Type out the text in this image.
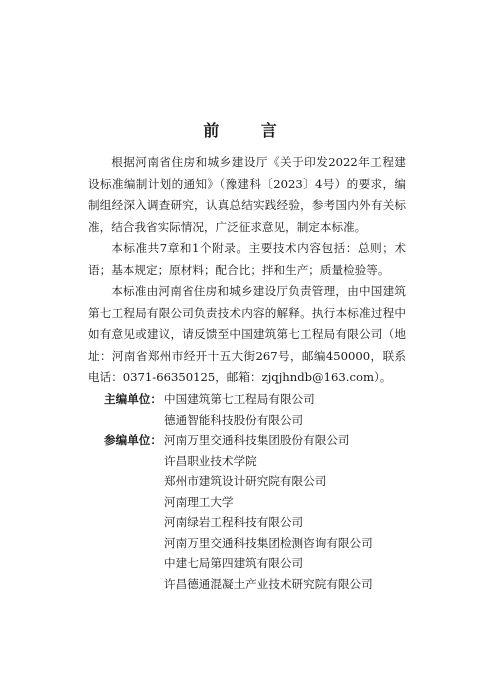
前 言

根据河南省住房和城乡建设厅《关于印发2022年工程建设标准编制计划的通知》（豫建科〔2023〕4号）的要求，编制组经深入调查研究，认真总结实践经验，参考国内外有关标准，结合我省实际情况，广泛征求意见，制定本标准。

本标准共7章和1个附录。主要技术内容包括：总则；术语；基本规定；原材料；配合比；拌和生产；质量检验等。

本标准由河南省住房和城乡建设厅负责管理，由中国建筑第七工程局有限公司负责技术内容的解释。执行本标准过程中如有意见或建议，请反馈至中国建筑第七工程局有限公司（地址：河南省郑州市经开十五大街267号，邮编450000，联系电话：0371-66350125，邮箱：zjqjhndb@163.com）。

主编单位： 中国建筑第七工程局有限公司
德通智能科技股份有限公司
参编单位： 河南万里交通科技集团股份有限公司
许昌职业技术学院
郑州市建筑设计研究院有限公司
河南理工大学
河南绿岩工程科技有限公司
河南万里交通科技集团检测咨询有限公司
中建七局第四建筑有限公司
许昌德通混凝土产业技术研究院有限公司
